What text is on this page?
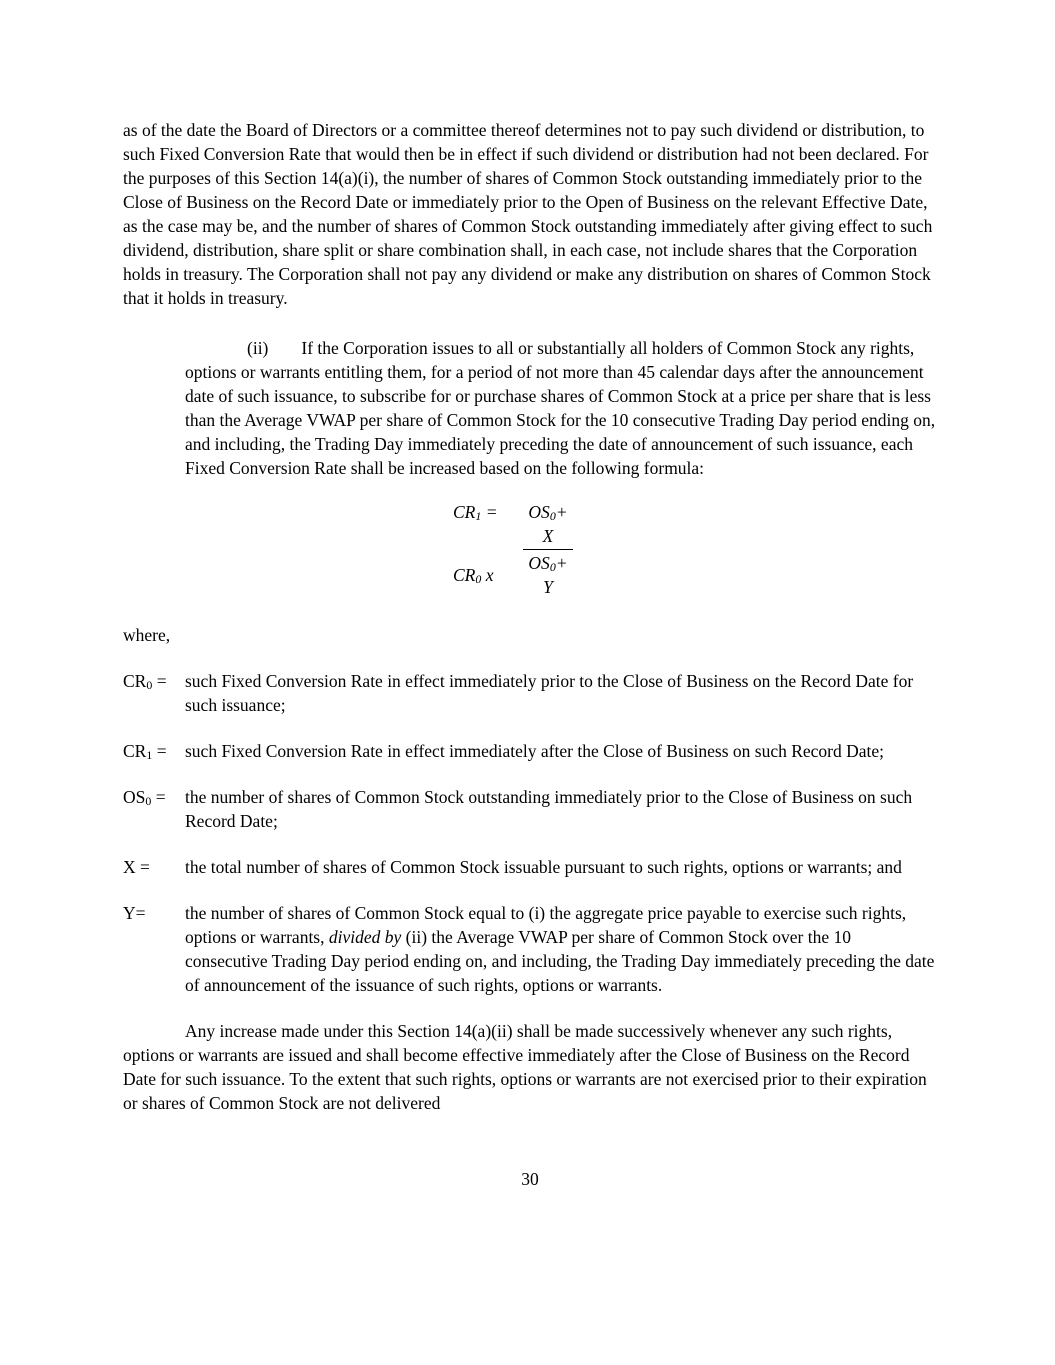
as of the date the Board of Directors or a committee thereof determines not to pay such dividend or distribution, to such Fixed Conversion Rate that would then be in effect if such dividend or distribution had not been declared. For the purposes of this Section 14(a)(i), the number of shares of Common Stock outstanding immediately prior to the Close of Business on the Record Date or immediately prior to the Open of Business on the relevant Effective Date, as the case may be, and the number of shares of Common Stock outstanding immediately after giving effect to such dividend, distribution, share split or share combination shall, in each case, not include shares that the Corporation holds in treasury. The Corporation shall not pay any dividend or make any distribution on shares of Common Stock that it holds in treasury.

(ii) If the Corporation issues to all or substantially all holders of Common Stock any rights, options or warrants entitling them, for a period of not more than 45 calendar days after the announcement date of such issuance, to subscribe for or purchase shares of Common Stock at a price per share that is less than the Average VWAP per share of Common Stock for the 10 consecutive Trading Day period ending on, and including, the Trading Day immediately preceding the date of announcement of such issuance, each Fixed Conversion Rate shall be increased based on the following formula:

$CR_1$ =
$CR_0$ x	$OS_0+$
X
$OS_0+$
Y

where,

$CR_0$ =	such Fixed Conversion Rate in effect immediately prior to the Close of Business on the Record Date for such issuance;
$CR_1$ =	such Fixed Conversion Rate in effect immediately after the Close of Business on such Record Date;
$OS_0$ =	the number of shares of Common Stock outstanding immediately prior to the Close of Business on such Record Date;
X =	the total number of shares of Common Stock issuable pursuant to such rights, options or warrants; and
Y=	the number of shares of Common Stock equal to (i) the aggregate price payable to exercise such rights, options or warrants, divided by (ii) the Average VWAP per share of Common Stock over the 10 consecutive Trading Day period ending on, and including, the Trading Day immediately preceding the date of announcement of the issuance of such rights, options or warrants.

Any increase made under this Section 14(a)(ii) shall be made successively whenever any such rights, options or warrants are issued and shall become effective immediately after the Close of Business on the Record Date for such issuance. To the extent that such rights, options or warrants are not exercised prior to their expiration or shares of Common Stock are not delivered

30
